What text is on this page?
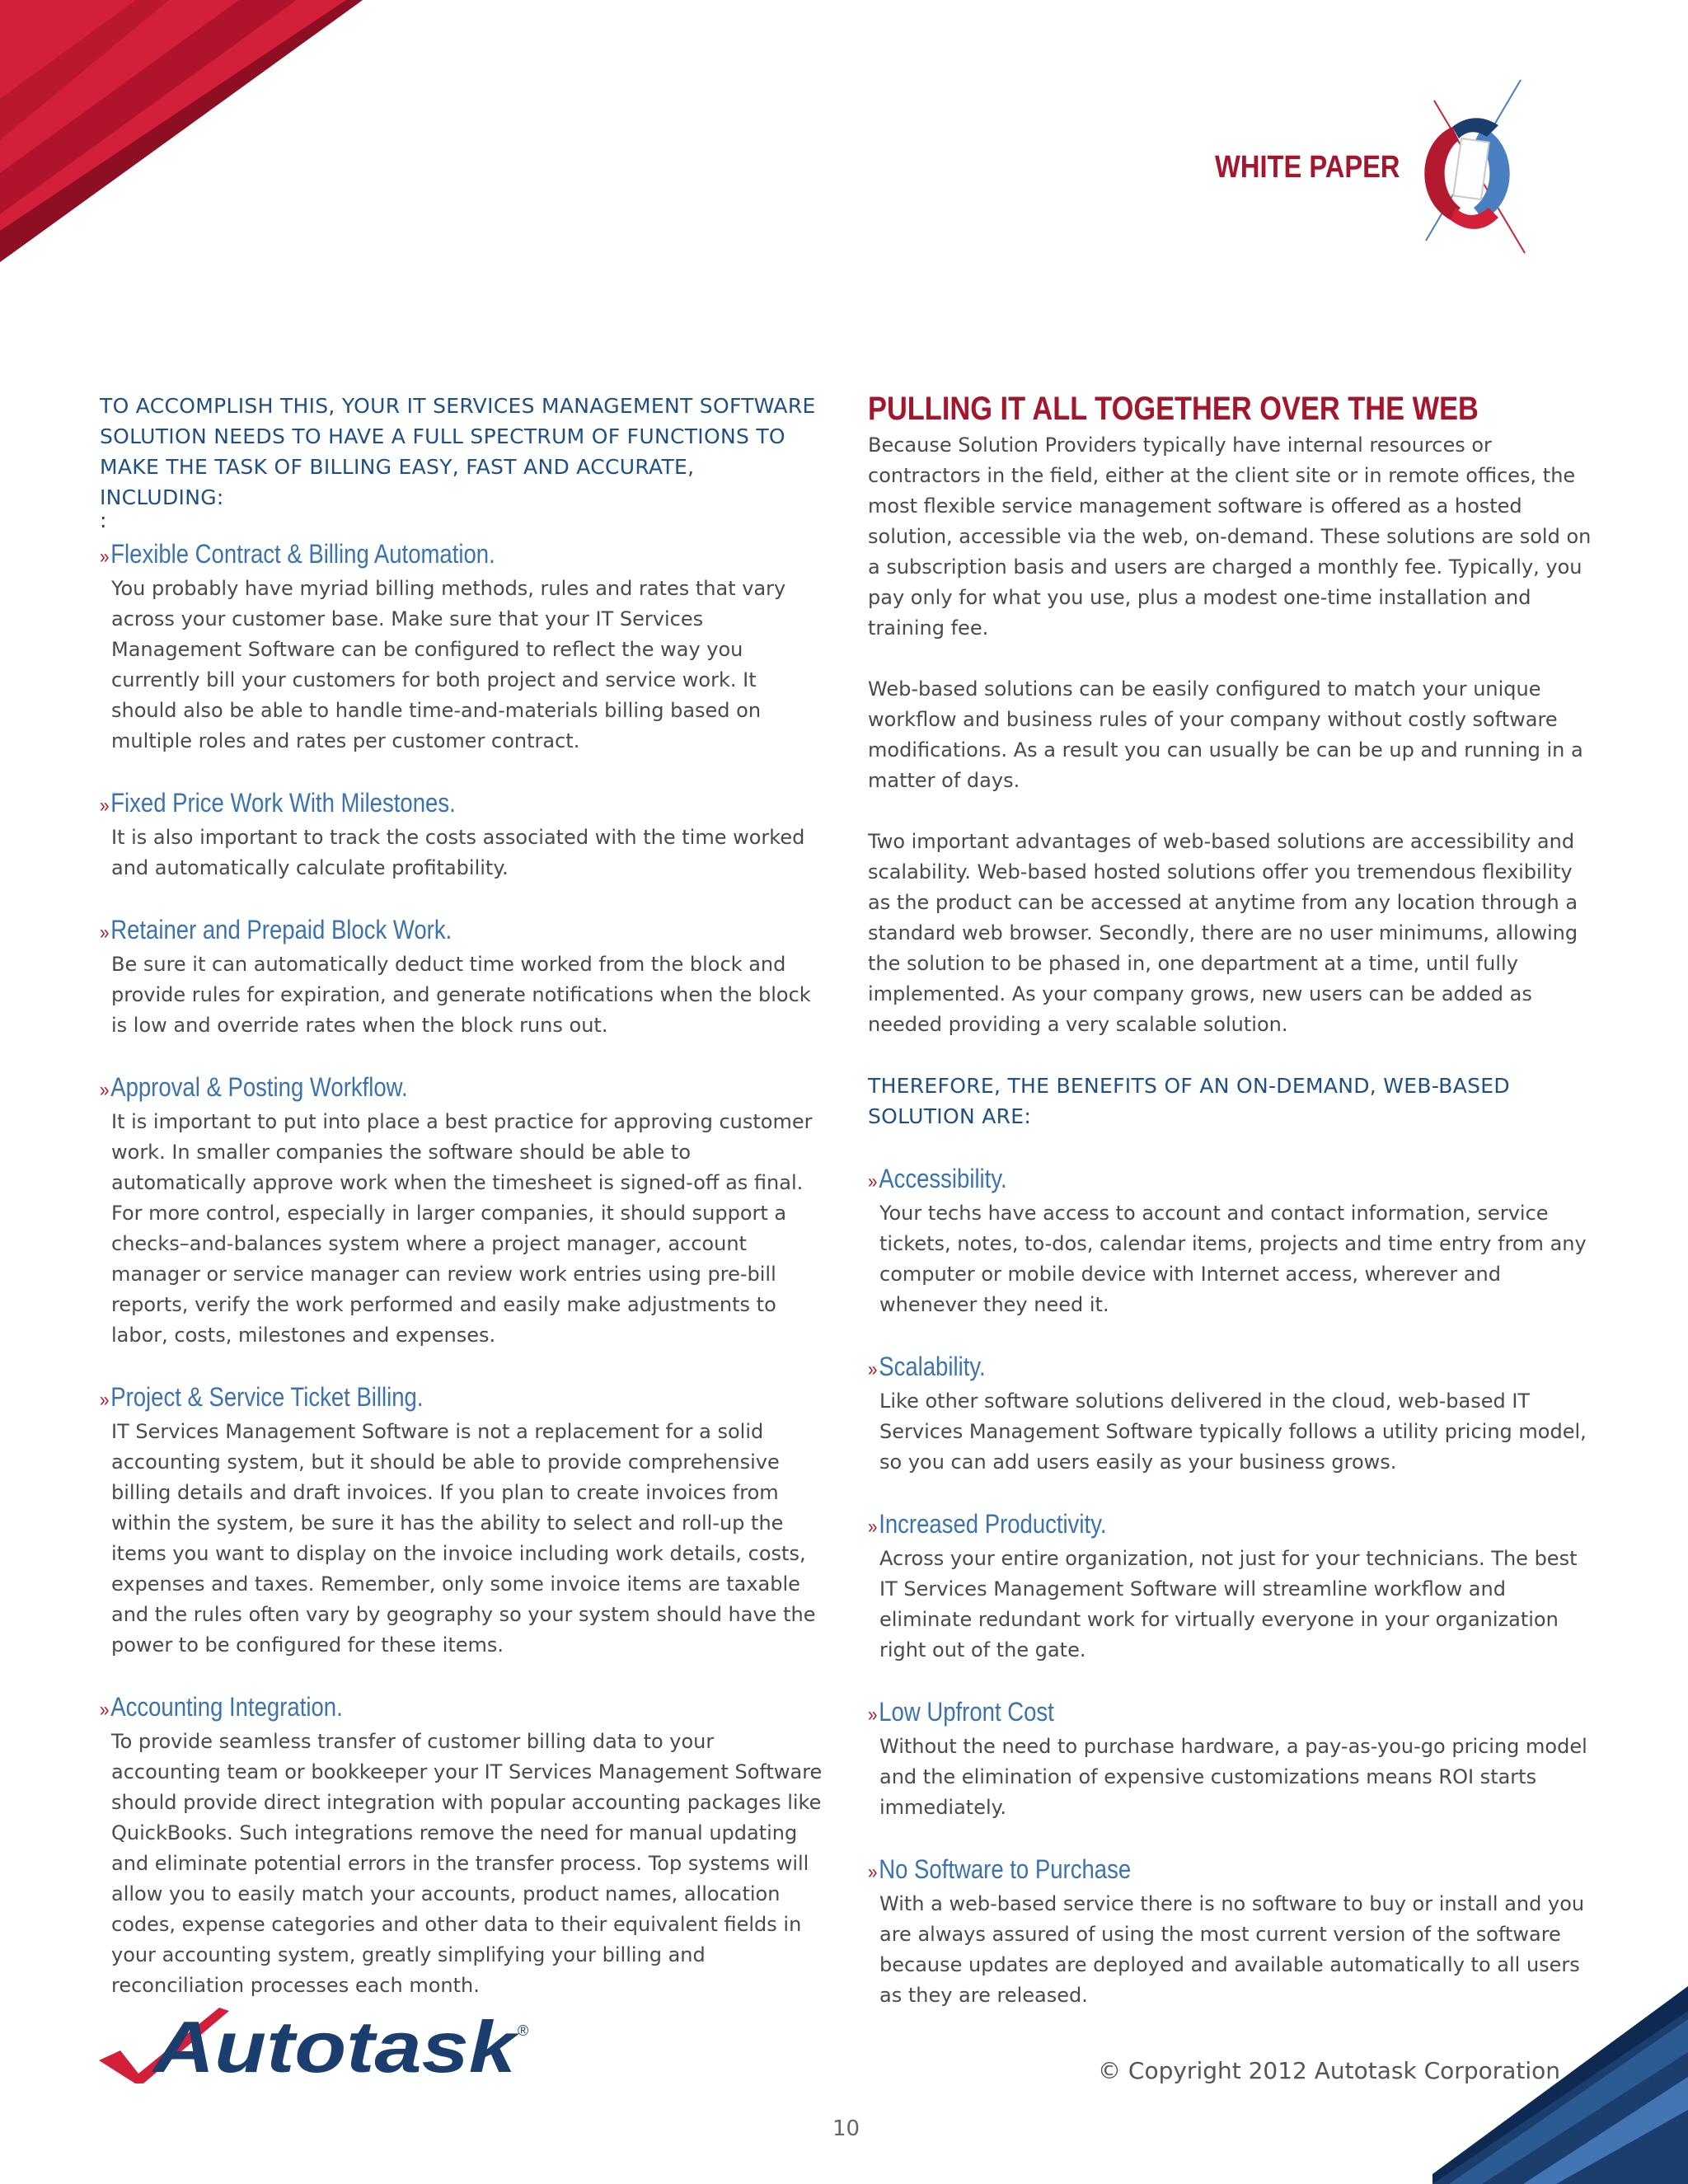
WHITE PAPER

TO ACCOMPLISH THIS, YOUR IT SERVICES MANAGEMENT SOFTWARE SOLUTION NEEDS TO HAVE A FULL SPECTRUM OF FUNCTIONS TO MAKE THE TASK OF BILLING EASY, FAST AND ACCURATE, INCLUDING:

:

»Flexible Contract & Billing Automation.

You probably have myriad billing methods, rules and rates that vary across your customer base. Make sure that your IT Services Management Software can be configured to reflect the way you currently bill your customers for both project and service work. It should also be able to handle time-and-materials billing based on multiple roles and rates per customer contract.

»Fixed Price Work With Milestones.

It is also important to track the costs associated with the time worked and automatically calculate profitability.

»Retainer and Prepaid Block Work.

Be sure it can automatically deduct time worked from the block and provide rules for expiration, and generate notifications when the block is low and override rates when the block runs out.

»Approval & Posting Workflow.

It is important to put into place a best practice for approving customer work. In smaller companies the software should be able to automatically approve work when the timesheet is signed-off as final. For more control, especially in larger companies, it should support a checks–and-balances system where a project manager, account manager or service manager can review work entries using pre-bill reports, verify the work performed and easily make adjustments to labor, costs, milestones and expenses.

»Project & Service Ticket Billing.

IT Services Management Software is not a replacement for a solid accounting system, but it should be able to provide comprehensive billing details and draft invoices. If you plan to create invoices from within the system, be sure it has the ability to select and roll-up the items you want to display on the invoice including work details, costs, expenses and taxes. Remember, only some invoice items are taxable and the rules often vary by geography so your system should have the power to be configured for these items.

»Accounting Integration.

To provide seamless transfer of customer billing data to your accounting team or bookkeeper your IT Services Management Software should provide direct integration with popular accounting packages like QuickBooks. Such integrations remove the need for manual updating and eliminate potential errors in the transfer process. Top systems will allow you to easily match your accounts, product names, allocation codes, expense categories and other data to their equivalent fields in your accounting system, greatly simplifying your billing and reconciliation processes each month.

PULLING IT ALL TOGETHER OVER THE WEB

Because Solution Providers typically have internal resources or contractors in the field, either at the client site or in remote offices, the most flexible service management software is offered as a hosted solution, accessible via the web, on-demand. These solutions are sold on a subscription basis and users are charged a monthly fee. Typically, you pay only for what you use, plus a modest one-time installation and training fee.

Web-based solutions can be easily configured to match your unique workflow and business rules of your company without costly software modifications. As a result you can usually be can be up and running in a matter of days.

Two important advantages of web-based solutions are accessibility and scalability. Web-based hosted solutions offer you tremendous flexibility as the product can be accessed at anytime from any location through a standard web browser. Secondly, there are no user minimums, allowing the solution to be phased in, one department at a time, until fully implemented. As your company grows, new users can be added as needed providing a very scalable solution.

THEREFORE, THE BENEFITS OF AN ON-DEMAND, WEB-BASED SOLUTION ARE:

»Accessibility.

Your techs have access to account and contact information, service tickets, notes, to-dos, calendar items, projects and time entry from any computer or mobile device with Internet access, wherever and whenever they need it.

»Scalability.

Like other software solutions delivered in the cloud, web-based IT Services Management Software typically follows a utility pricing model, so you can add users easily as your business grows.

»Increased Productivity.

Across your entire organization, not just for your technicians. The best IT Services Management Software will streamline workflow and eliminate redundant work for virtually everyone in your organization right out of the gate.

»Low Upfront Cost

Without the need to purchase hardware, a pay-as-you-go pricing model and the elimination of expensive customizations means ROI starts immediately.

»No Software to Purchase

With a web-based service there is no software to buy or install and you are always assured of using the most current version of the software because updates are deployed and available automatically to all users as they are released.

Autotask
®
© Copyright 2012 Autotask Corporation
10
